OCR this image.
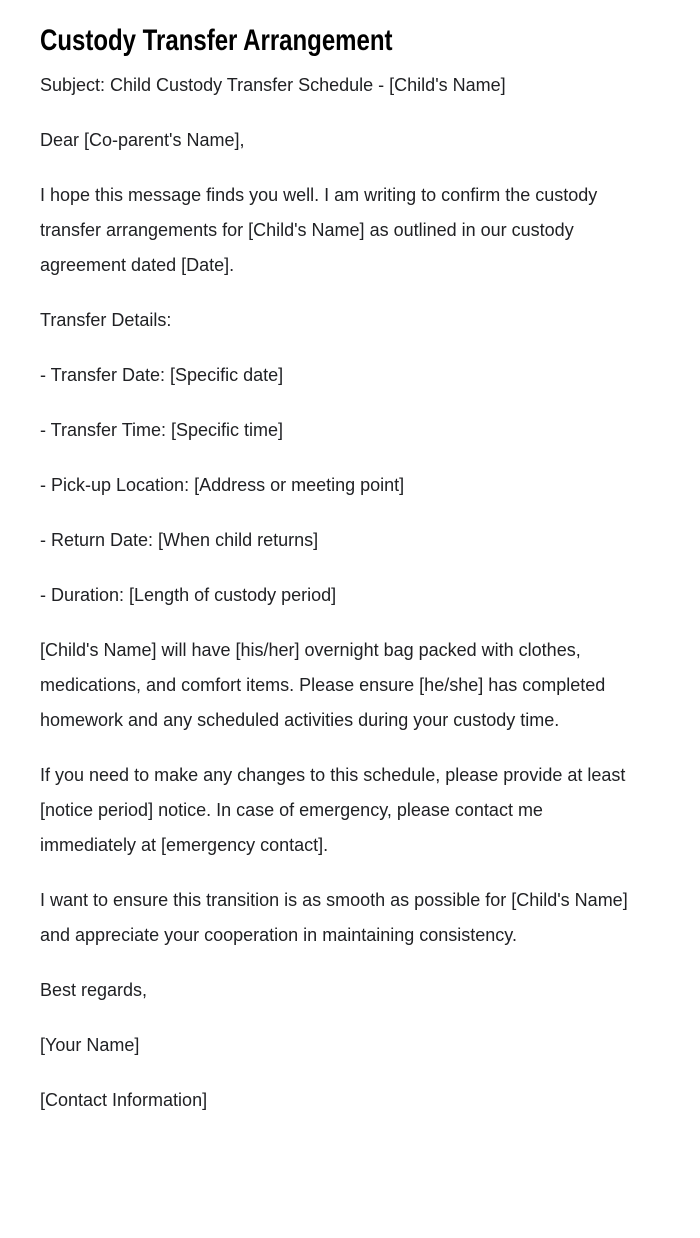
Custody Transfer Arrangement

Subject: Child Custody Transfer Schedule - [Child's Name]

Dear [Co-parent's Name],

I hope this message finds you well. I am writing to confirm the custody transfer arrangements for [Child's Name] as outlined in our custody agreement dated [Date].

Transfer Details:

- Transfer Date: [Specific date]

- Transfer Time: [Specific time]

- Pick-up Location: [Address or meeting point]

- Return Date: [When child returns]

- Duration: [Length of custody period]

[Child's Name] will have [his/her] overnight bag packed with clothes, medications, and comfort items. Please ensure [he/she] has completed homework and any scheduled activities during your custody time.

If you need to make any changes to this schedule, please provide at least [notice period] notice. In case of emergency, please contact me immediately at [emergency contact].

I want to ensure this transition is as smooth as possible for [Child's Name] and appreciate your cooperation in maintaining consistency.

Best regards,

[Your Name]

[Contact Information]
